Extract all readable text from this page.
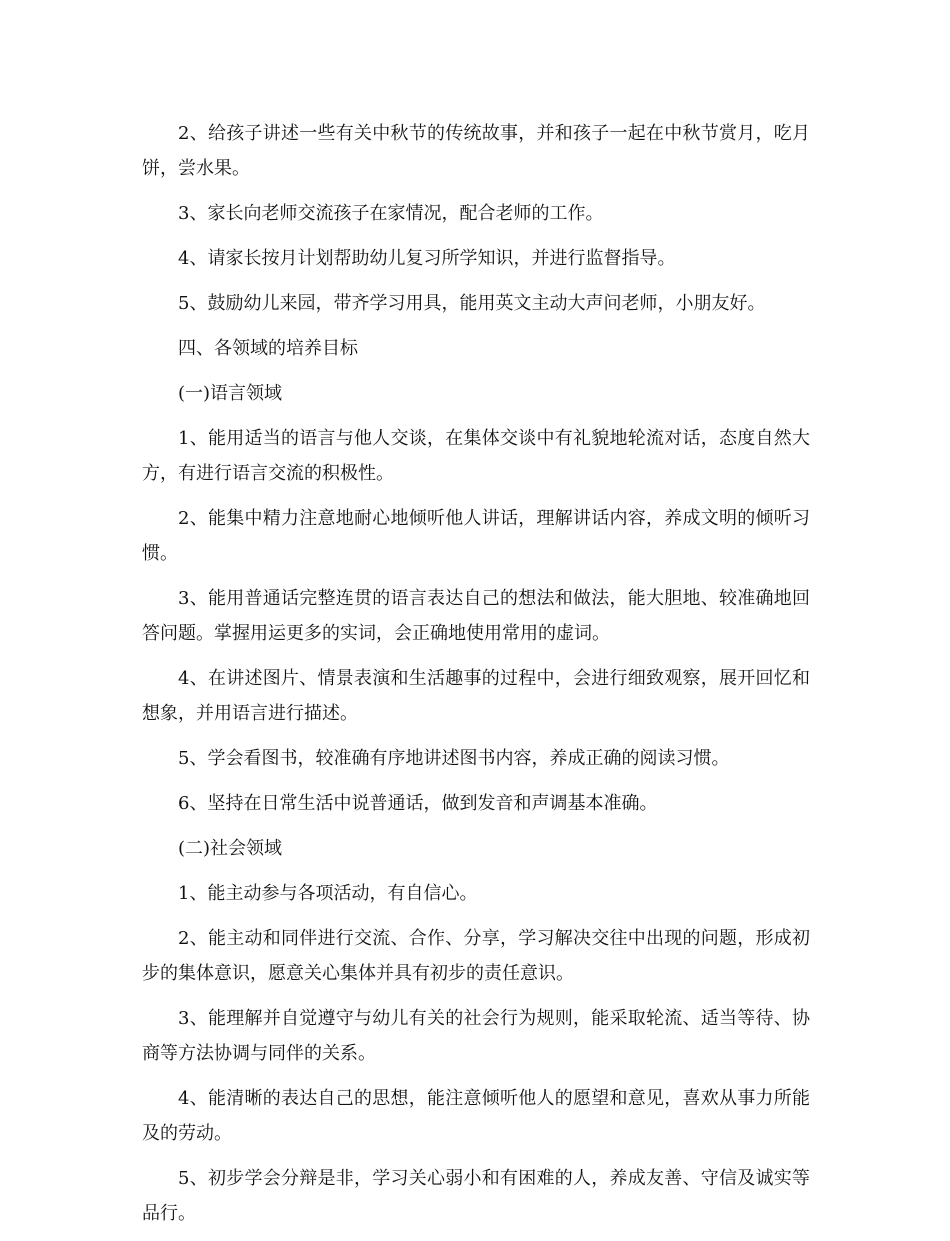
2、给孩子讲述一些有关中秋节的传统故事，并和孩子一起在中秋节赏月，吃月饼，尝水果。

3、家长向老师交流孩子在家情况，配合老师的工作。

4、请家长按月计划帮助幼儿复习所学知识，并进行监督指导。

5、鼓励幼儿来园，带齐学习用具，能用英文主动大声问老师，小朋友好。

四、各领域的培养目标

(一)语言领域

1、能用适当的语言与他人交谈，在集体交谈中有礼貌地轮流对话，态度自然大方，有进行语言交流的积极性。

2、能集中精力注意地耐心地倾听他人讲话，理解讲话内容，养成文明的倾听习惯。

3、能用普通话完整连贯的语言表达自己的想法和做法，能大胆地、较准确地回答问题。掌握用运更多的实词，会正确地使用常用的虚词。

4、在讲述图片、情景表演和生活趣事的过程中，会进行细致观察，展开回忆和想象，并用语言进行描述。

5、学会看图书，较准确有序地讲述图书内容，养成正确的阅读习惯。

6、坚持在日常生活中说普通话，做到发音和声调基本准确。

(二)社会领域

1、能主动参与各项活动，有自信心。

2、能主动和同伴进行交流、合作、分享，学习解决交往中出现的问题，形成初步的集体意识，愿意关心集体并具有初步的责任意识。

3、能理解并自觉遵守与幼儿有关的社会行为规则，能采取轮流、适当等待、协商等方法协调与同伴的关系。

4、能清晰的表达自己的思想，能注意倾听他人的愿望和意见，喜欢从事力所能及的劳动。

5、初步学会分辩是非，学习关心弱小和有困难的人，养成友善、守信及诚实等品行。
